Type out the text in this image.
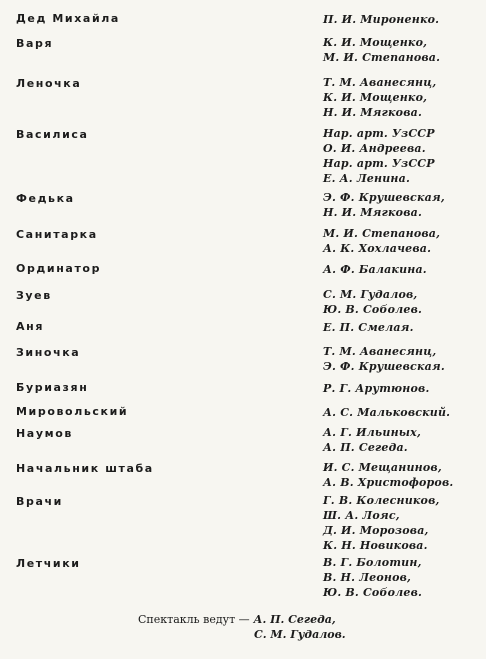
Дед Михайла	П. И. Мироненко.
Варя	К. И. Мощенко,
М. И. Степанова.
Леночка	Т. М. Аванесянц,
К. И. Мощенко,
Н. И. Мягкова.
Василиса	Нар. арт. УзССР
О. И. Андреева.
Нар. арт. УзССР
Е. А. Ленина.
Федька	Э. Ф. Крушевская,
Н. И. Мягкова.
Санитарка	М. И. Степанова,
А. К. Хохлачева.
Ординатор	А. Ф. Балакина.
Зуев	С. М. Гудалов,
Ю. В. Соболев.
Аня	Е. П. Смелая.
Зиночка	Т. М. Аванесянц,
Э. Ф. Крушевская.
Буриазян	Р. Г. Арутюнов.
Мировольский	А. С. Мальковский.
Наумов	А. Г. Ильиных,
А. П. Сегеда.
Начальник штаба	И. С. Мещанинов,
А. В. Христофоров.
Врачи	Г. В. Колесников,
Ш. А. Лояс,
Д. И. Морозова,
К. Н. Новикова.
Летчики	В. Г. Болотин,
В. Н. Леонов,
Ю. В. Соболев.
Спектакль ведут — А. П. Сегеда,
С. М. Гудалов.
